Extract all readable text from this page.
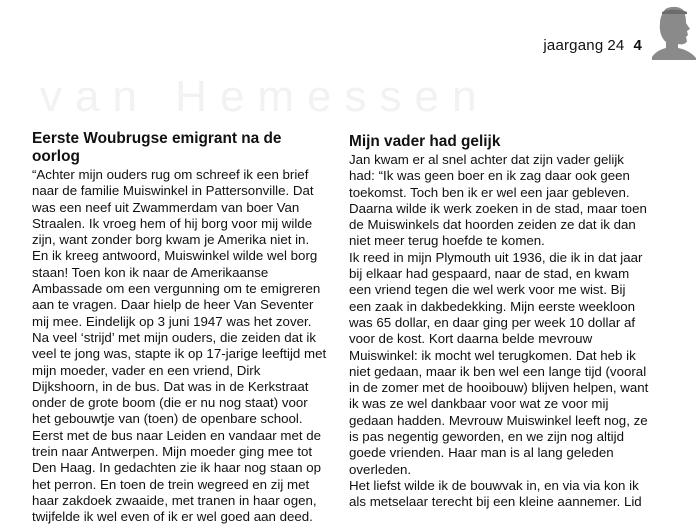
jaargang 24 4
van Hemessen
Eerste Woubrugse emigrant na de oorlog

“Achter mijn ouders rug om schreef ik een brief naar de familie Muiswinkel in Pattersonville. Dat was een neef uit Zwammerdam van boer Van Straalen. Ik vroeg hem of hij borg voor mij wilde zijn, want zonder borg kwam je Amerika niet in. En ik kreeg antwoord, Muiswinkel wilde wel borg staan! Toen kon ik naar de Amerikaanse Ambassade om een vergunning om te emigreren aan te vragen. Daar hielp de heer Van Seventer mij mee. Eindelijk op 3 juni 1947 was het zover. Na veel ‘strijd’ met mijn ouders, die zeiden dat ik veel te jong was, stapte ik op 17-jarige leeftijd met mijn moeder, vader en een vriend, Dirk Dijkshoorn, in de bus. Dat was in de Kerkstraat onder de grote boom (die er nu nog staat) voor het gebouwtje van (toen) de openbare school. Eerst met de bus naar Leiden en vandaar met de trein naar Antwerpen. Mijn moeder ging mee tot Den Haag. In gedachten zie ik haar nog staan op het perron. En toen de trein wegreed en zij met haar zakdoek zwaaide, met tranen in haar ogen, twijfelde ik wel even of ik er wel goed aan deed.

Mijn vader had gelijk

Jan kwam er al snel achter dat zijn vader gelijk had: “Ik was geen boer en ik zag daar ook geen toekomst. Toch ben ik er wel een jaar gebleven. Daarna wilde ik werk zoeken in de stad, maar toen de Muiswinkels dat hoorden zeiden ze dat ik dan niet meer terug hoefde te komen.

Ik reed in mijn Plymouth uit 1936, die ik in dat jaar bij elkaar had gespaard, naar de stad, en kwam een vriend tegen die wel werk voor me wist. Bij een zaak in dakbedekking. Mijn eerste weekloon was 65 dollar, en daar ging per week 10 dollar af voor de kost. Kort daarna belde mevrouw Muiswinkel: ik mocht wel terugkomen. Dat heb ik niet gedaan, maar ik ben wel een lange tijd (vooral in de zomer met de hooibouw) blijven helpen, want ik was ze wel dankbaar voor wat ze voor mij gedaan hadden. Mevrouw Muiswinkel leeft nog, ze is pas negentig geworden, en we zijn nog altijd goede vrienden. Haar man is al lang geleden overleden.

Het liefst wilde ik de bouwvak in, en via via kon ik als metselaar terecht bij een kleine aannemer. Lid
